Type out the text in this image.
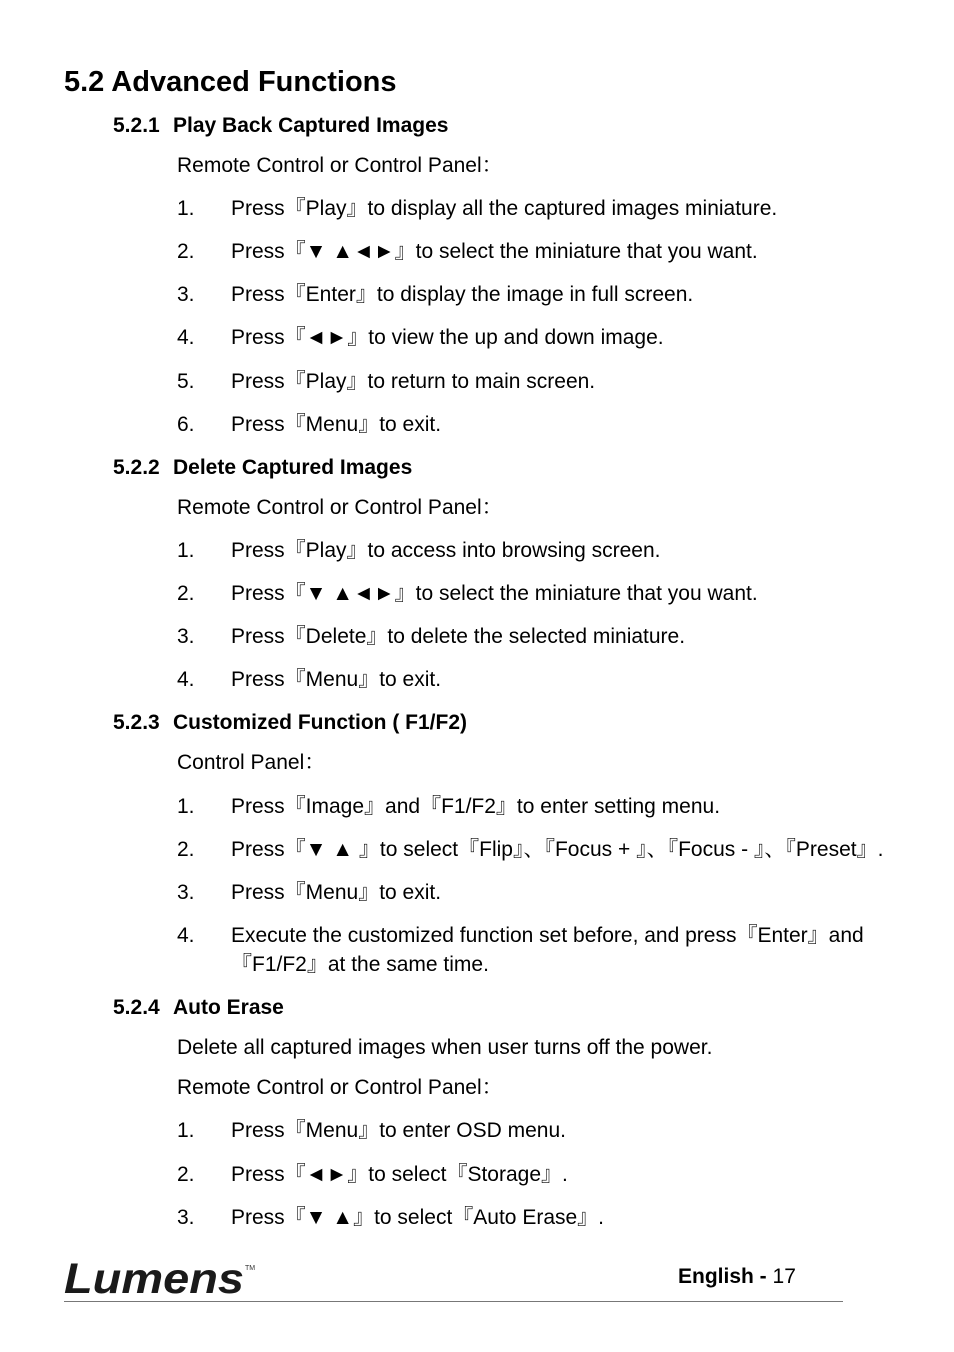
5.2 Advanced Functions
5.2.1 Play Back Captured Images
Remote Control or Control Panel：
1. Press『Play』to display all the captured images miniature.
2. Press『▼ ▲◄►』to select the miniature that you want.
3. Press『Enter』to display the image in full screen.
4. Press『◄►』to view the up and down image.
5. Press『Play』to return to main screen.
6. Press『Menu』to exit.
5.2.2 Delete Captured Images
Remote Control or Control Panel：
1. Press『Play』to access into browsing screen.
2. Press『▼ ▲◄►』to select the miniature that you want.
3. Press『Delete』to delete the selected miniature.
4. Press『Menu』to exit.
5.2.3 Customized Function ( F1/F2)
Control Panel：
1. Press『Image』and『F1/F2』to enter setting menu.
2. Press『▼ ▲ 』to select『Flip』、『Focus + 』、『Focus - 』、『Preset』.
3. Press『Menu』to exit.
4. Execute the customized function set before, and press『Enter』and『F1/F2』at the same time.
5.2.4 Auto Erase
Delete all captured images when user turns off the power.
Remote Control or Control Panel：
1. Press『Menu』to enter OSD menu.
2. Press『◄►』to select『Storage』.
3. Press『▼ ▲』to select『Auto Erase』.
Lumens TM	English - 17
